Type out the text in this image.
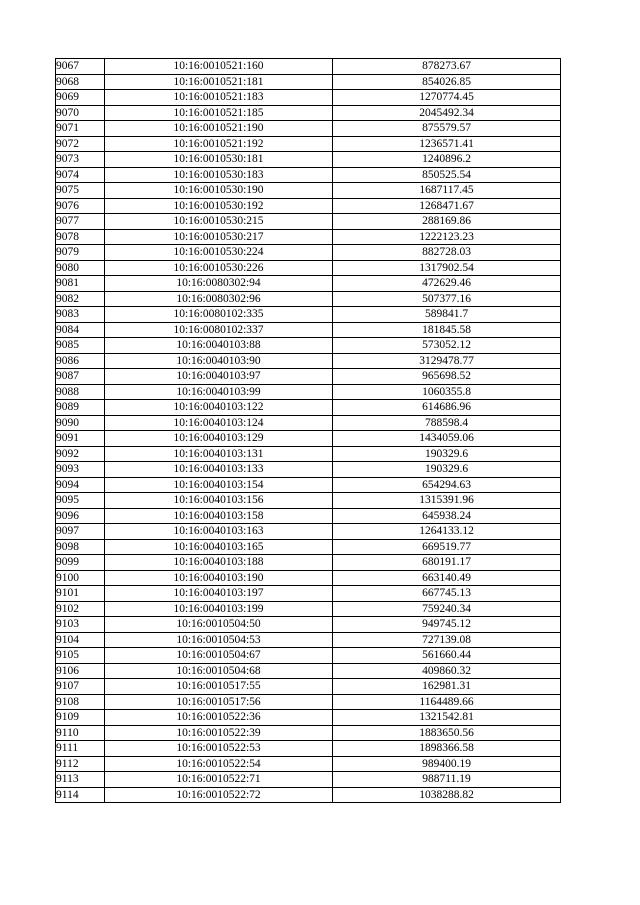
9067	10:16:0010521:160	878273.67
9068	10:16:0010521:181	854026.85
9069	10:16:0010521:183	1270774.45
9070	10:16:0010521:185	2045492.34
9071	10:16:0010521:190	875579.57
9072	10:16:0010521:192	1236571.41
9073	10:16:0010530:181	1240896.2
9074	10:16:0010530:183	850525.54
9075	10:16:0010530:190	1687117.45
9076	10:16:0010530:192	1268471.67
9077	10:16:0010530:215	288169.86
9078	10:16:0010530:217	1222123.23
9079	10:16:0010530:224	882728.03
9080	10:16:0010530:226	1317902.54
9081	10:16:0080302:94	472629.46
9082	10:16:0080302:96	507377.16
9083	10:16:0080102:335	589841.7
9084	10:16:0080102:337	181845.58
9085	10:16:0040103:88	573052.12
9086	10:16:0040103:90	3129478.77
9087	10:16:0040103:97	965698.52
9088	10:16:0040103:99	1060355.8
9089	10:16:0040103:122	614686.96
9090	10:16:0040103:124	788598.4
9091	10:16:0040103:129	1434059.06
9092	10:16:0040103:131	190329.6
9093	10:16:0040103:133	190329.6
9094	10:16:0040103:154	654294.63
9095	10:16:0040103:156	1315391.96
9096	10:16:0040103:158	645938.24
9097	10:16:0040103:163	1264133.12
9098	10:16:0040103:165	669519.77
9099	10:16:0040103:188	680191.17
9100	10:16:0040103:190	663140.49
9101	10:16:0040103:197	667745.13
9102	10:16:0040103:199	759240.34
9103	10:16:0010504:50	949745.12
9104	10:16:0010504:53	727139.08
9105	10:16:0010504:67	561660.44
9106	10:16:0010504:68	409860.32
9107	10:16:0010517:55	162981.31
9108	10:16:0010517:56	1164489.66
9109	10:16:0010522:36	1321542.81
9110	10:16:0010522:39	1883650.56
9111	10:16:0010522:53	1898366.58
9112	10:16:0010522:54	989400.19
9113	10:16:0010522:71	988711.19
9114	10:16:0010522:72	1038288.82
